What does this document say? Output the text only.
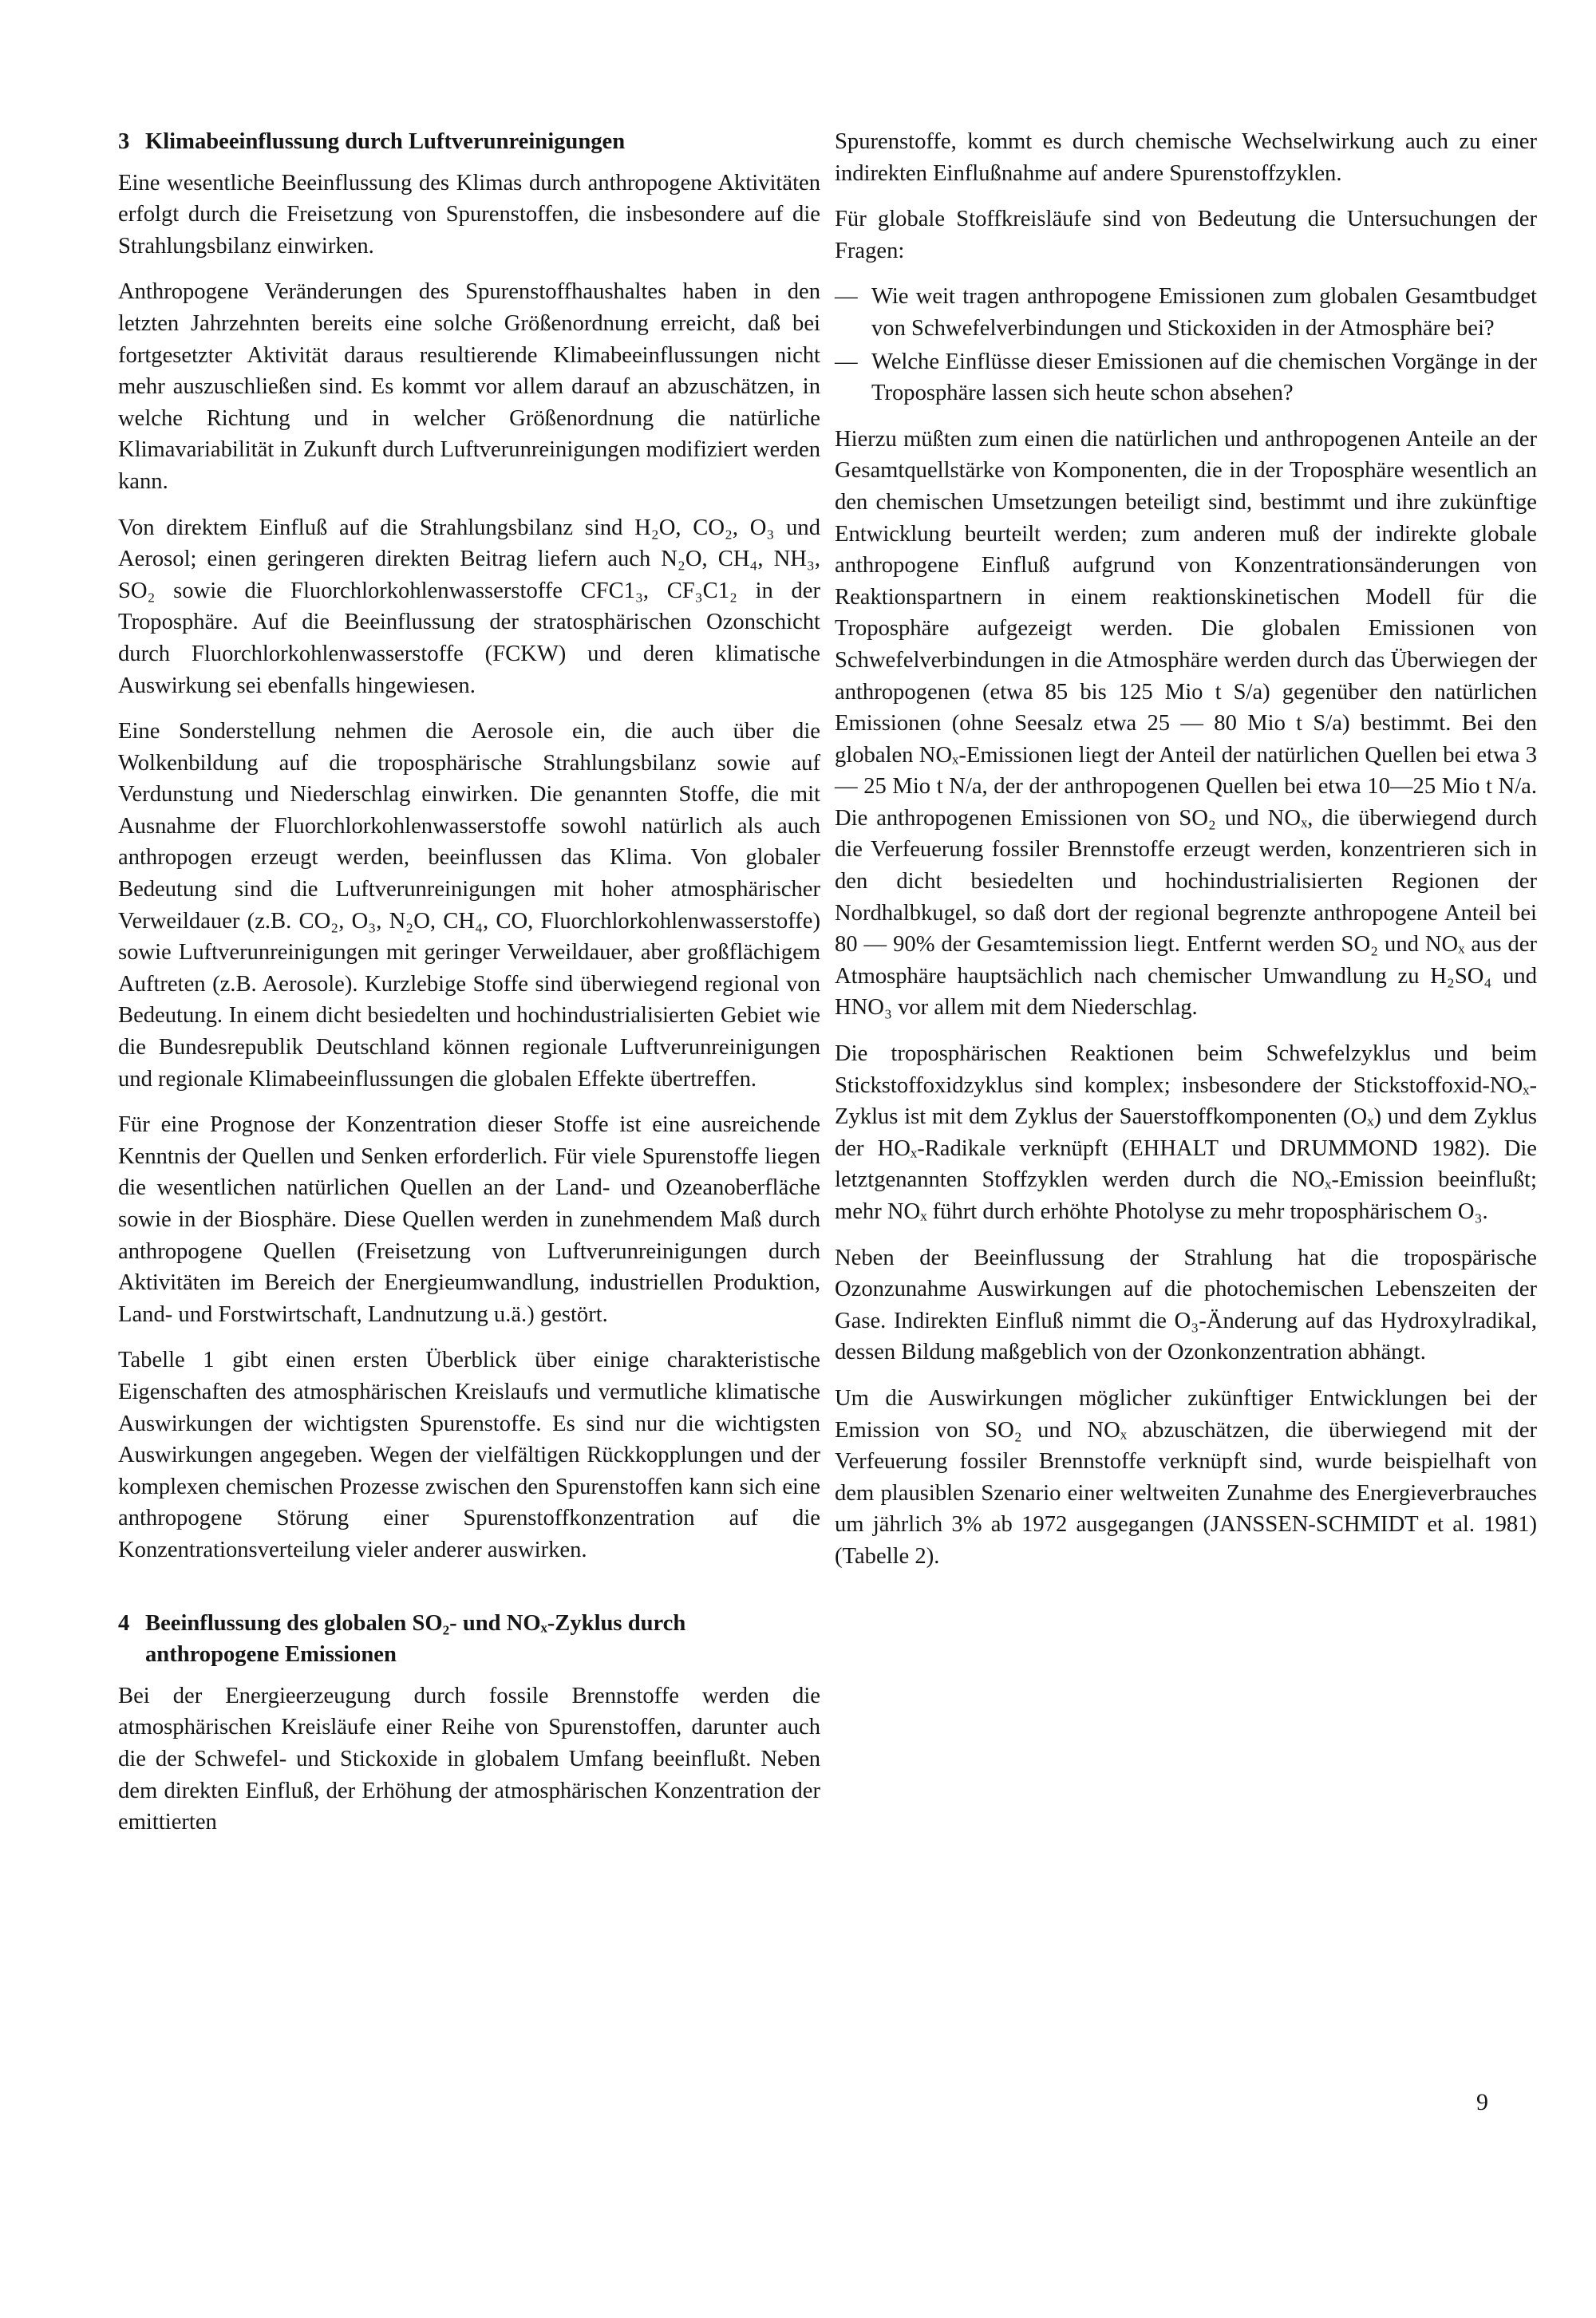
3 Klimabeeinflussung durch Luftverunreinigungen

Eine wesentliche Beeinflussung des Klimas durch anthropogene Aktivitäten erfolgt durch die Freisetzung von Spurenstoffen, die insbesondere auf die Strahlungsbilanz einwirken.

Anthropogene Veränderungen des Spurenstoffhaushaltes haben in den letzten Jahrzehnten bereits eine solche Größenordnung erreicht, daß bei fortgesetzter Aktivität daraus resultierende Klimabeeinflussungen nicht mehr auszuschließen sind. Es kommt vor allem darauf an abzuschätzen, in welche Richtung und in welcher Größenordnung die natürliche Klimavariabilität in Zukunft durch Luftverunreinigungen modifiziert werden kann.

Von direktem Einfluß auf die Strahlungsbilanz sind H₂O, CO₂, O₃ und Aerosol; einen geringeren direkten Beitrag liefern auch N₂O, CH₄, NH₃, SO₂ sowie die Fluorchlorkohlenwasserstoffe CFC1₃, CF₃C1₂ in der Troposphäre. Auf die Beeinflussung der stratosphärischen Ozonschicht durch Fluorchlorkohlenwasserstoffe (FCKW) und deren klimatische Auswirkung sei ebenfalls hingewiesen.

Eine Sonderstellung nehmen die Aerosole ein, die auch über die Wolkenbildung auf die troposphärische Strahlungsbilanz sowie auf Verdunstung und Niederschlag einwirken. Die genannten Stoffe, die mit Ausnahme der Fluorchlorkohlenwasserstoffe sowohl natürlich als auch anthropogen erzeugt werden, beeinflussen das Klima. Von globaler Bedeutung sind die Luftverunreinigungen mit hoher atmosphärischer Verweildauer (z.B. CO₂, O₃, N₂O, CH₄, CO, Fluorchlorkohlenwasserstoffe) sowie Luftverunreinigungen mit geringer Verweildauer, aber großflächigem Auftreten (z.B. Aerosole). Kurzlebige Stoffe sind überwiegend regional von Bedeutung. In einem dicht besiedelten und hochindustrialisierten Gebiet wie die Bundesrepublik Deutschland können regionale Luftverunreinigungen und regionale Klimabeeinflussungen die globalen Effekte übertreffen.

Für eine Prognose der Konzentration dieser Stoffe ist eine ausreichende Kenntnis der Quellen und Senken erforderlich. Für viele Spurenstoffe liegen die wesentlichen natürlichen Quellen an der Land- und Ozeanoberfläche sowie in der Biosphäre. Diese Quellen werden in zunehmendem Maß durch anthropogene Quellen (Freisetzung von Luftverunreinigungen durch Aktivitäten im Bereich der Energieumwandlung, industriellen Produktion, Land- und Forstwirtschaft, Landnutzung u.ä.) gestört.

Tabelle 1 gibt einen ersten Überblick über einige charakteristische Eigenschaften des atmosphärischen Kreislaufs und vermutliche klimatische Auswirkungen der wichtigsten Spurenstoffe. Es sind nur die wichtigsten Auswirkungen angegeben. Wegen der vielfältigen Rückkopplungen und der komplexen chemischen Prozesse zwischen den Spurenstoffen kann sich eine anthropogene Störung einer Spurenstoffkonzentration auf die Konzentrationsverteilung vieler anderer auswirken.

4 Beeinflussung des globalen SO₂- und NOₓ-Zyklus durch anthropogene Emissionen

Bei der Energieerzeugung durch fossile Brennstoffe werden die atmosphärischen Kreisläufe einer Reihe von Spurenstoffen, darunter auch die der Schwefel- und Stickoxide in globalem Umfang beeinflußt. Neben dem direkten Einfluß, der Erhöhung der atmosphärischen Konzentration der emittierten

Spurenstoffe, kommt es durch chemische Wechselwirkung auch zu einer indirekten Einflußnahme auf andere Spurenstoffzyklen.

Für globale Stoffkreisläufe sind von Bedeutung die Untersuchungen der Fragen:

— Wie weit tragen anthropogene Emissionen zum globalen Gesamtbudget von Schwefelverbindungen und Stickoxiden in der Atmosphäre bei?
— Welche Einflüsse dieser Emissionen auf die chemischen Vorgänge in der Troposphäre lassen sich heute schon absehen?

Hierzu müßten zum einen die natürlichen und anthropogenen Anteile an der Gesamtquellstärke von Komponenten, die in der Troposphäre wesentlich an den chemischen Umsetzungen beteiligt sind, bestimmt und ihre zukünftige Entwicklung beurteilt werden; zum anderen muß der indirekte globale anthropogene Einfluß aufgrund von Konzentrationsänderungen von Reaktionspartnern in einem reaktionskinetischen Modell für die Troposphäre aufgezeigt werden. Die globalen Emissionen von Schwefelverbindungen in die Atmosphäre werden durch das Überwiegen der anthropogenen (etwa 85 bis 125 Mio t S/a) gegenüber den natürlichen Emissionen (ohne Seesalz etwa 25 — 80 Mio t S/a) bestimmt. Bei den globalen NOₓ-Emissionen liegt der Anteil der natürlichen Quellen bei etwa 3 — 25 Mio t N/a, der der anthropogenen Quellen bei etwa 10—25 Mio t N/a. Die anthropogenen Emissionen von SO₂ und NOₓ, die überwiegend durch die Verfeuerung fossiler Brennstoffe erzeugt werden, konzentrieren sich in den dicht besiedelten und hochindustrialisierten Regionen der Nordhalbkugel, so daß dort der regional begrenzte anthropogene Anteil bei 80 — 90% der Gesamtemission liegt. Entfernt werden SO₂ und NOₓ aus der Atmosphäre hauptsächlich nach chemischer Umwandlung zu H₂SO₄ und HNO₃ vor allem mit dem Niederschlag.

Die troposphärischen Reaktionen beim Schwefelzyklus und beim Stickstoffoxidzyklus sind komplex; insbesondere der Stickstoffoxid-NOₓ-Zyklus ist mit dem Zyklus der Sauerstoffkomponenten (Oₓ) und dem Zyklus der HOₓ-Radikale verknüpft (EHHALT und DRUMMOND 1982). Die letztgenannten Stoffzyklen werden durch die NOₓ-Emission beeinflußt; mehr NOₓ führt durch erhöhte Photolyse zu mehr troposphärischem O₃.

Neben der Beeinflussung der Strahlung hat die tropospärische Ozonzunahme Auswirkungen auf die photochemischen Lebenszeiten der Gase. Indirekten Einfluß nimmt die O₃-Änderung auf das Hydroxylradikal, dessen Bildung maßgeblich von der Ozonkonzentration abhängt.

Um die Auswirkungen möglicher zukünftiger Entwicklungen bei der Emission von SO₂ und NOₓ abzuschätzen, die überwiegend mit der Verfeuerung fossiler Brennstoffe verknüpft sind, wurde beispielhaft von dem plausiblen Szenario einer weltweiten Zunahme des Energieverbrauches um jährlich 3% ab 1972 ausgegangen (JANSSEN-SCHMIDT et al. 1981) (Tabelle 2).

9
